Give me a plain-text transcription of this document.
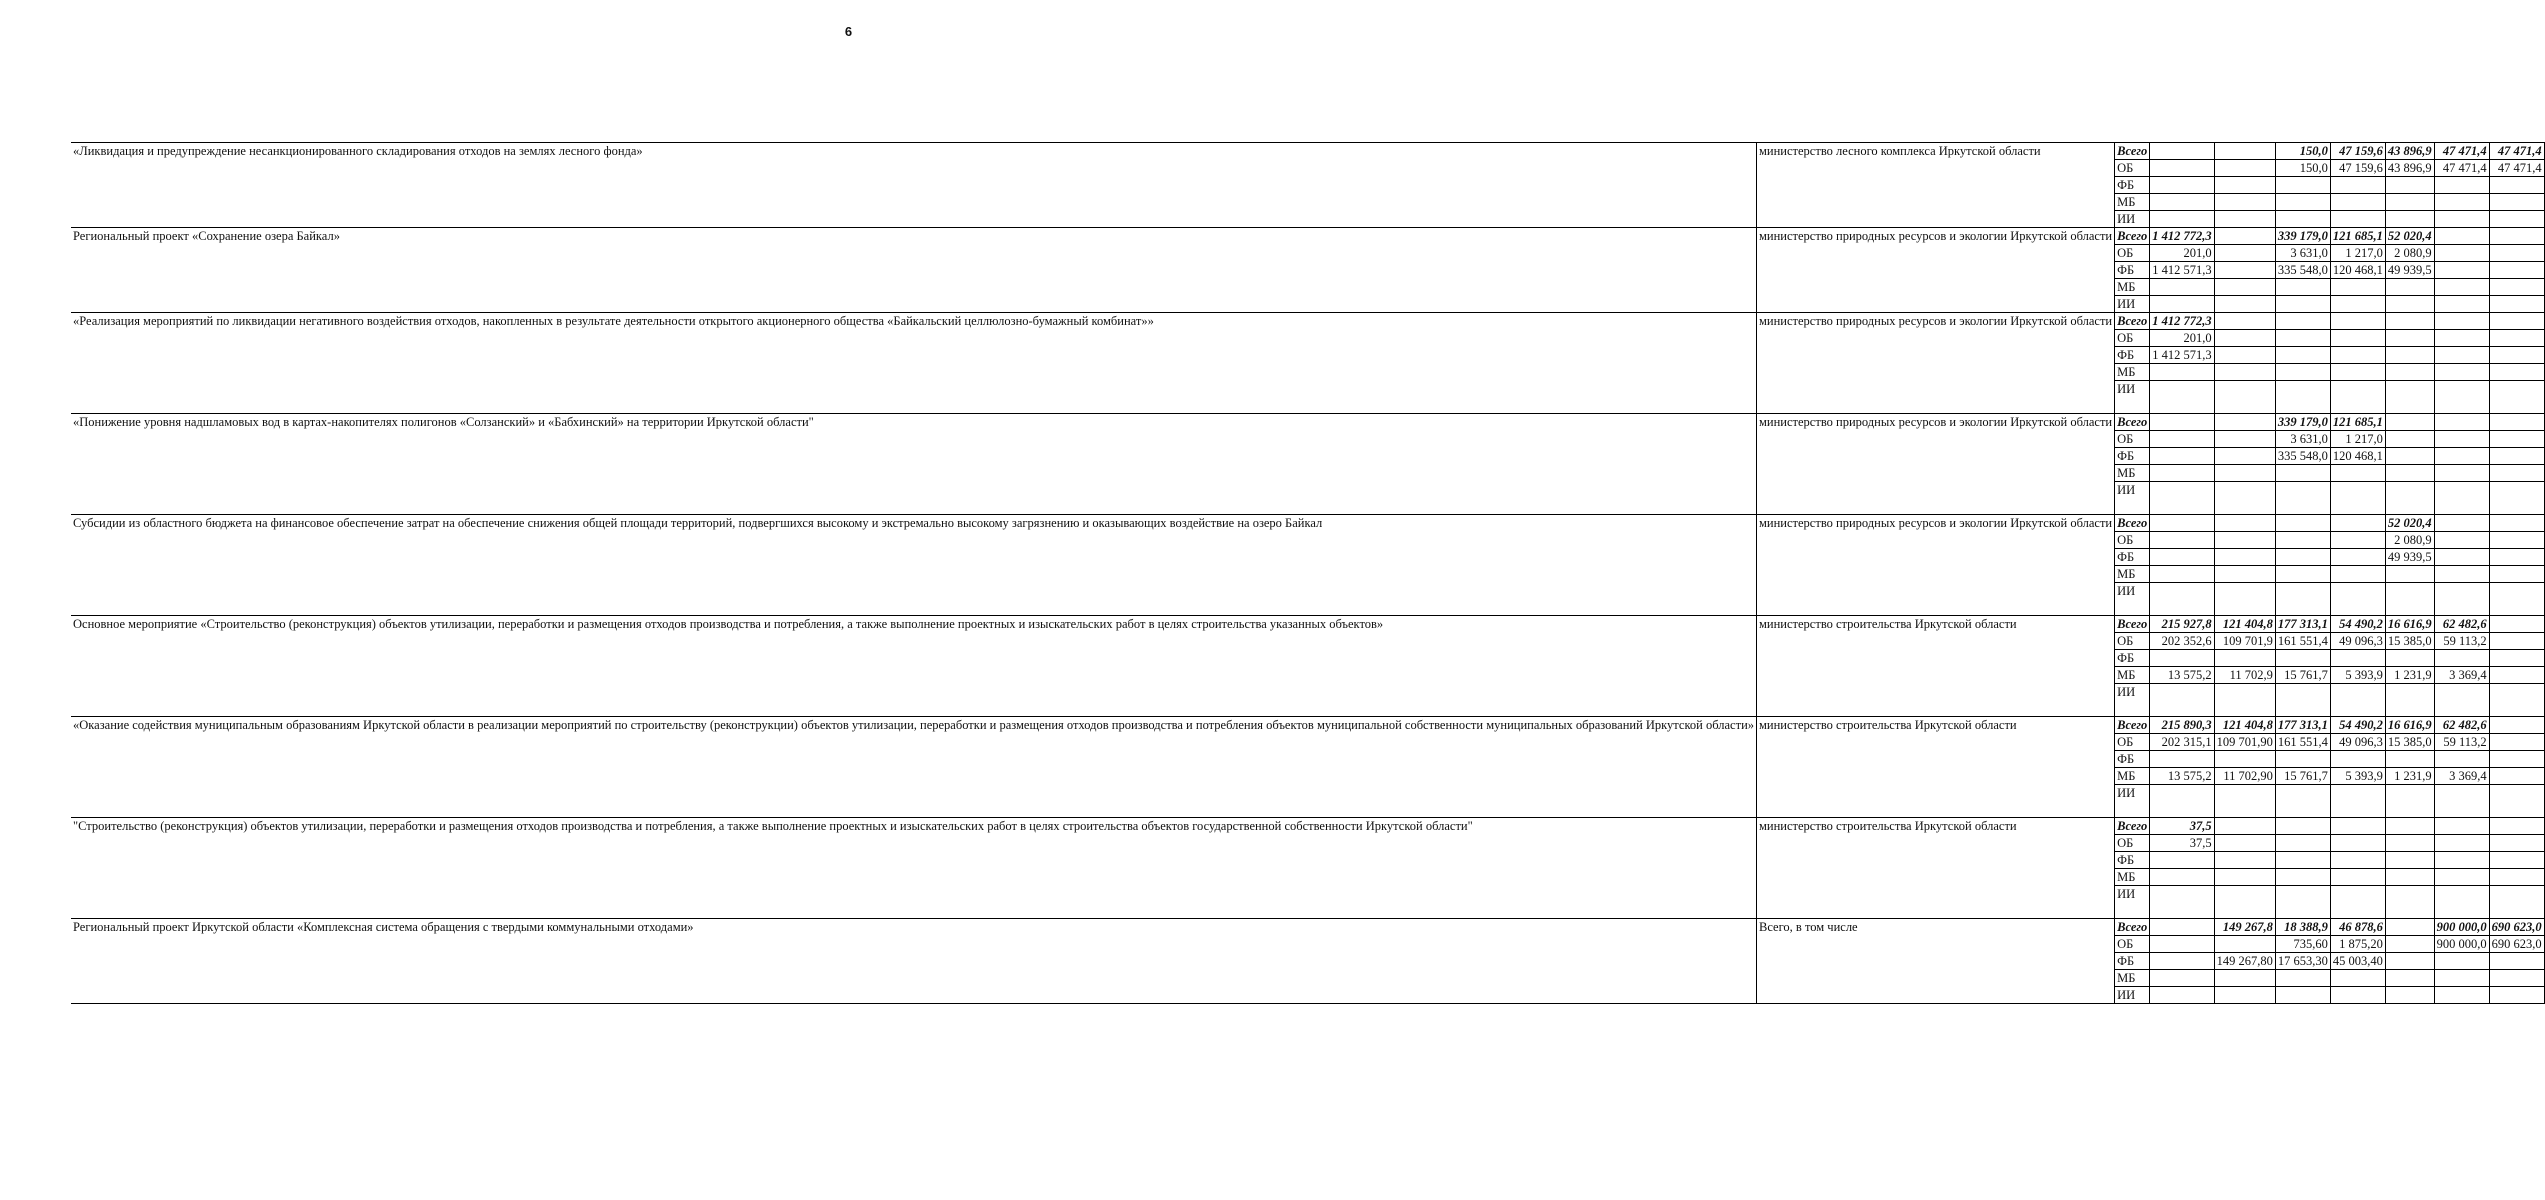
6
«Ликвидация и предупреждение несанкционированного складирования отходов на землях лесного фонда»	министерство лесного комплекса Иркутской области	Всего			150,0	47 159,6	43 896,9	47 471,4	47 471,4
		ОБ			150,0	47 159,6	43 896,9	47 471,4	47 471,4
		ФБ							
		МБ							
		ИИ							
Региональный проект «Сохранение озера Байкал»	министерство природных ресурсов и экологии Иркутской области	Всего	1 412 772,3		339 179,0	121 685,1	52 020,4		
		ОБ	201,0		3 631,0	1 217,0	2 080,9		
		ФБ	1 412 571,3		335 548,0	120 468,1	49 939,5		
		МБ							
		ИИ							
«Реализация мероприятий по ликвидации негативного воздействия отходов, накопленных в результате деятельности открытого акционерного общества «Байкальский целлюлозно-бумажный комбинат»»	министерство природных ресурсов и экологии Иркутской области	Всего	1 412 772,3						
		ОБ	201,0						
		ФБ	1 412 571,3						
		МБ							
		ИИ							
«Понижение уровня надшламовых вод в картах-накопителях полигонов «Солзанский» и «Бабхинский» на территории Иркутской области"	министерство природных ресурсов и экологии Иркутской области	Всего			339 179,0	121 685,1			
		ОБ			3 631,0	1 217,0			
		ФБ			335 548,0	120 468,1			
		МБ							
		ИИ							
Субсидии из областного бюджета на финансовое обеспечение затрат на обеспечение снижения общей площади территорий, подвергшихся высокому и экстремально высокому загрязнению и оказывающих воздействие на озеро Байкал	министерство природных ресурсов и экологии Иркутской области	Всего					52 020,4		
		ОБ					2 080,9		
		ФБ					49 939,5		
		МБ							
		ИИ							
Основное мероприятие «Строительство (реконструкция) объектов утилизации, переработки и размещения отходов производства и потребления, а также выполнение проектных и изыскательских работ в целях строительства указанных объектов»	министерство строительства Иркутской области	Всего	215 927,8	121 404,8	177 313,1	54 490,2	16 616,9	62 482,6	
		ОБ	202 352,6	109 701,9	161 551,4	49 096,3	15 385,0	59 113,2	
		ФБ							
		МБ	13 575,2	11 702,9	15 761,7	5 393,9	1 231,9	3 369,4	
		ИИ							
«Оказание содействия муниципальным образованиям Иркутской области в реализации мероприятий по строительству (реконструкции) объектов утилизации, переработки и размещения отходов производства и потребления объектов муниципальной собственности муниципальных образований Иркутской области»	министерство строительства Иркутской области	Всего	215 890,3	121 404,8	177 313,1	54 490,2	16 616,9	62 482,6	
		ОБ	202 315,1	109 701,90	161 551,4	49 096,3	15 385,0	59 113,2	
		ФБ							
		МБ	13 575,2	11 702,90	15 761,7	5 393,9	1 231,9	3 369,4	
		ИИ							
"Строительство (реконструкция) объектов утилизации, переработки и размещения отходов производства и потребления, а также выполнение проектных и изыскательских работ в целях строительства объектов государственной собственности Иркутской области"	министерство строительства Иркутской области	Всего	37,5						
		ОБ	37,5						
		ФБ							
		МБ							
		ИИ							
Региональный проект Иркутской области «Комплексная система обращения с твердыми коммунальными отходами»	Всего, в том числе	Всего		149 267,8	18 388,9	46 878,6		900 000,0	690 623,0
		ОБ			735,60	1 875,20		900 000,0	690 623,0
		ФБ		149 267,80	17 653,30	45 003,40			
		МБ							
		ИИ							
